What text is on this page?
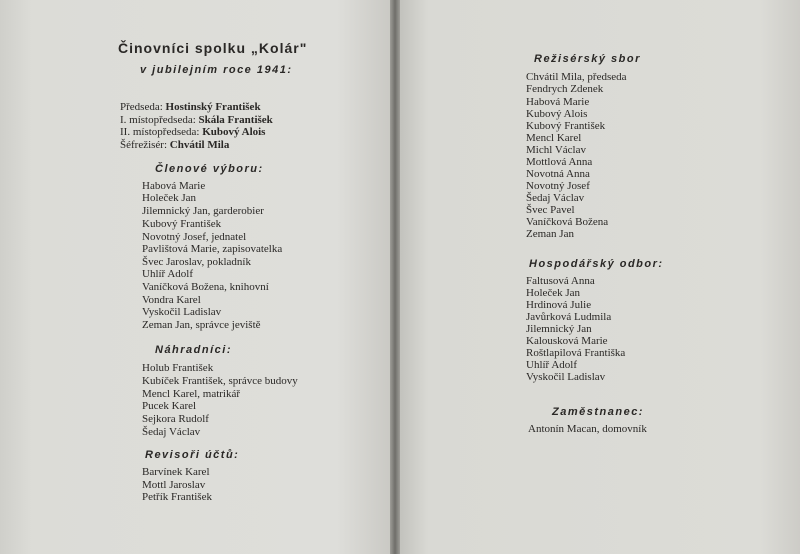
Činovníci spolku „Kolár"
v jubilejním roce 1941:
Předseda: Hostinský František
I. místopředseda: Skála František
II. místopředseda: Kubový Alois
Šéfrežisér: Chvátil Mila
Členové výboru:
Habová Marie
Holeček Jan
Jilemnický Jan, garderobier
Kubový František
Novotný Josef, jednatel
Pavlištová Marie, zapisovatelka
Švec Jaroslav, pokladník
Uhlíř Adolf
Vaníčková Božena, knihovní
Vondra Karel
Vyskočil Ladislav
Zeman Jan, správce jeviště
Náhradníci:
Holub František
Kubíček František, správce budovy
Mencl Karel, matrikář
Pucek Karel
Sejkora Rudolf
Šedaj Václav
Revisoři účtů:
Barvínek Karel
Mottl Jaroslav
Petřík František
Režisérský sbor
Chvátil Mila, předseda
Fendrych Zdenek
Habová Marie
Kubový Alois
Kubový František
Mencl Karel
Michl Václav
Mottlová Anna
Novotná Anna
Novotný Josef
Šedaj Václav
Švec Pavel
Vaníčková Božena
Zeman Jan
Hospodářský odbor:
Faltusová Anna
Holeček Jan
Hrdinová Julie
Javůrková Ludmila
Jilemnický Jan
Kalousková Marie
Roštlapilová Františka
Uhlíř Adolf
Vyskočil Ladislav
Zaměstnanec:
Antonín Macan, domovník
